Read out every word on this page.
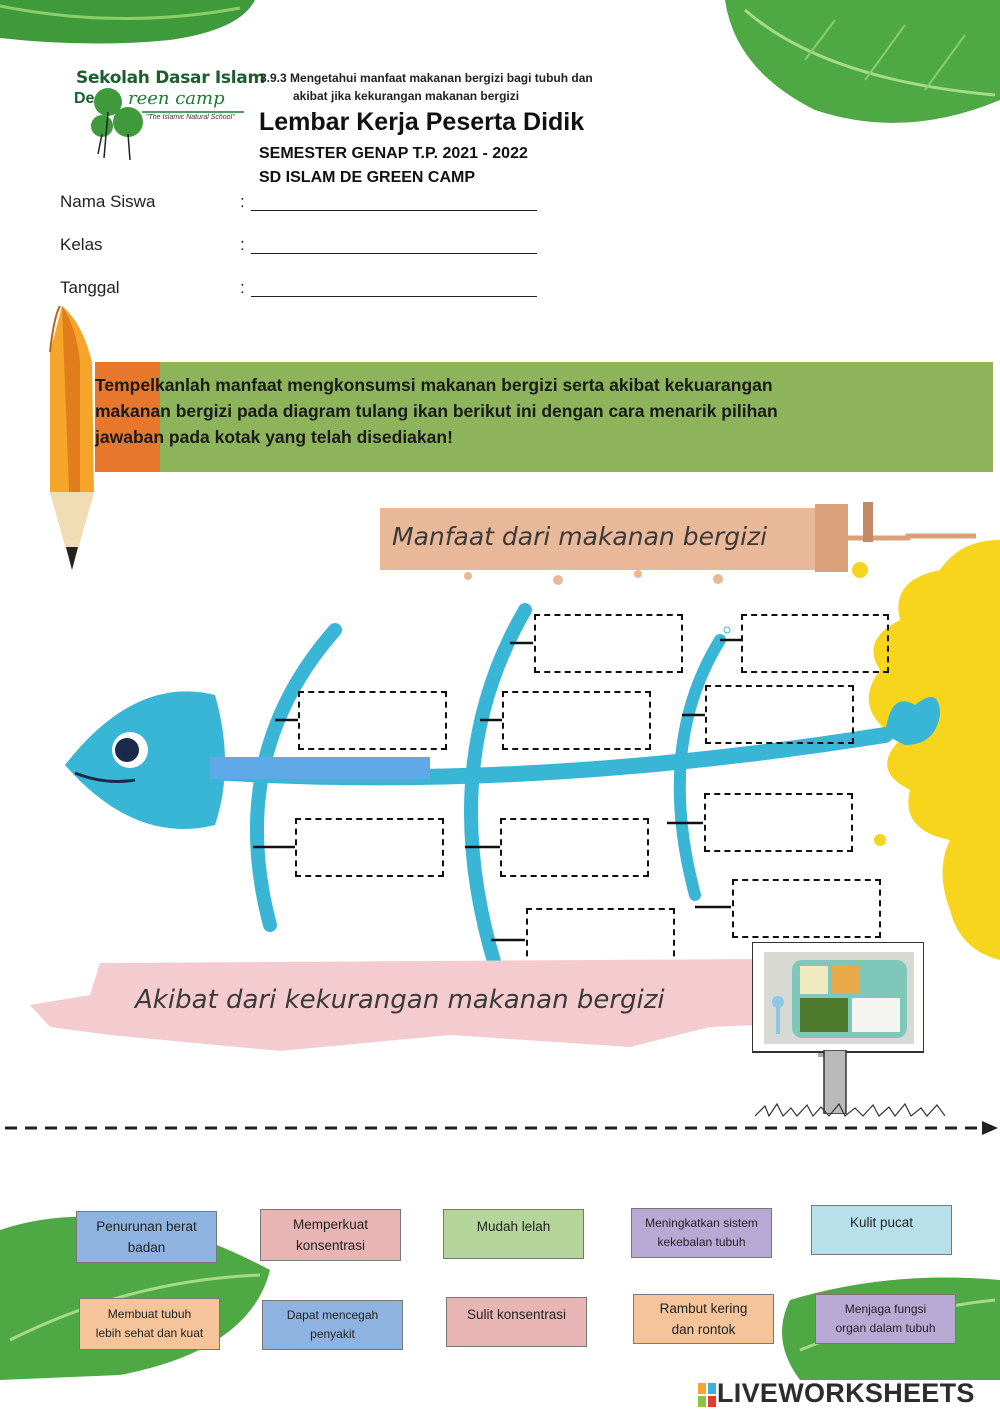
Sekolah Dasar Islam
De reen camp
"The Islamic Natural School"
3.9.3 Mengetahui manfaat makanan bergizi bagi tubuh dan
akibat jika kekurangan makanan bergizi
Lembar Kerja Peserta Didik
SEMESTER GENAP T.P. 2021 - 2022
SD ISLAM DE GREEN CAMP
Nama Siswa	:
Kelas	:
Tanggal	:
Tempelkanlah manfaat mengkonsumsi makanan bergizi serta akibat kekuarangan
makanan bergizi pada diagram tulang ikan berikut ini dengan cara menarik pilihan
jawaban pada kotak yang telah disediakan!
Manfaat dari makanan bergizi
Akibat dari kekurangan makanan bergizi
Penurunan berat
badan
Memperkuat
konsentrasi
Mudah lelah	Meningkatkan sistem
kekebalan tubuh
Kulit pucat
Membuat tubuh
lebih sehat dan kuat
Dapat mencegah
penyakit
Sulit konsentrasi	Rambut kering
dan rontok
Menjaga fungsi
organ dalam tubuh
LIVEWORKSHEETS
